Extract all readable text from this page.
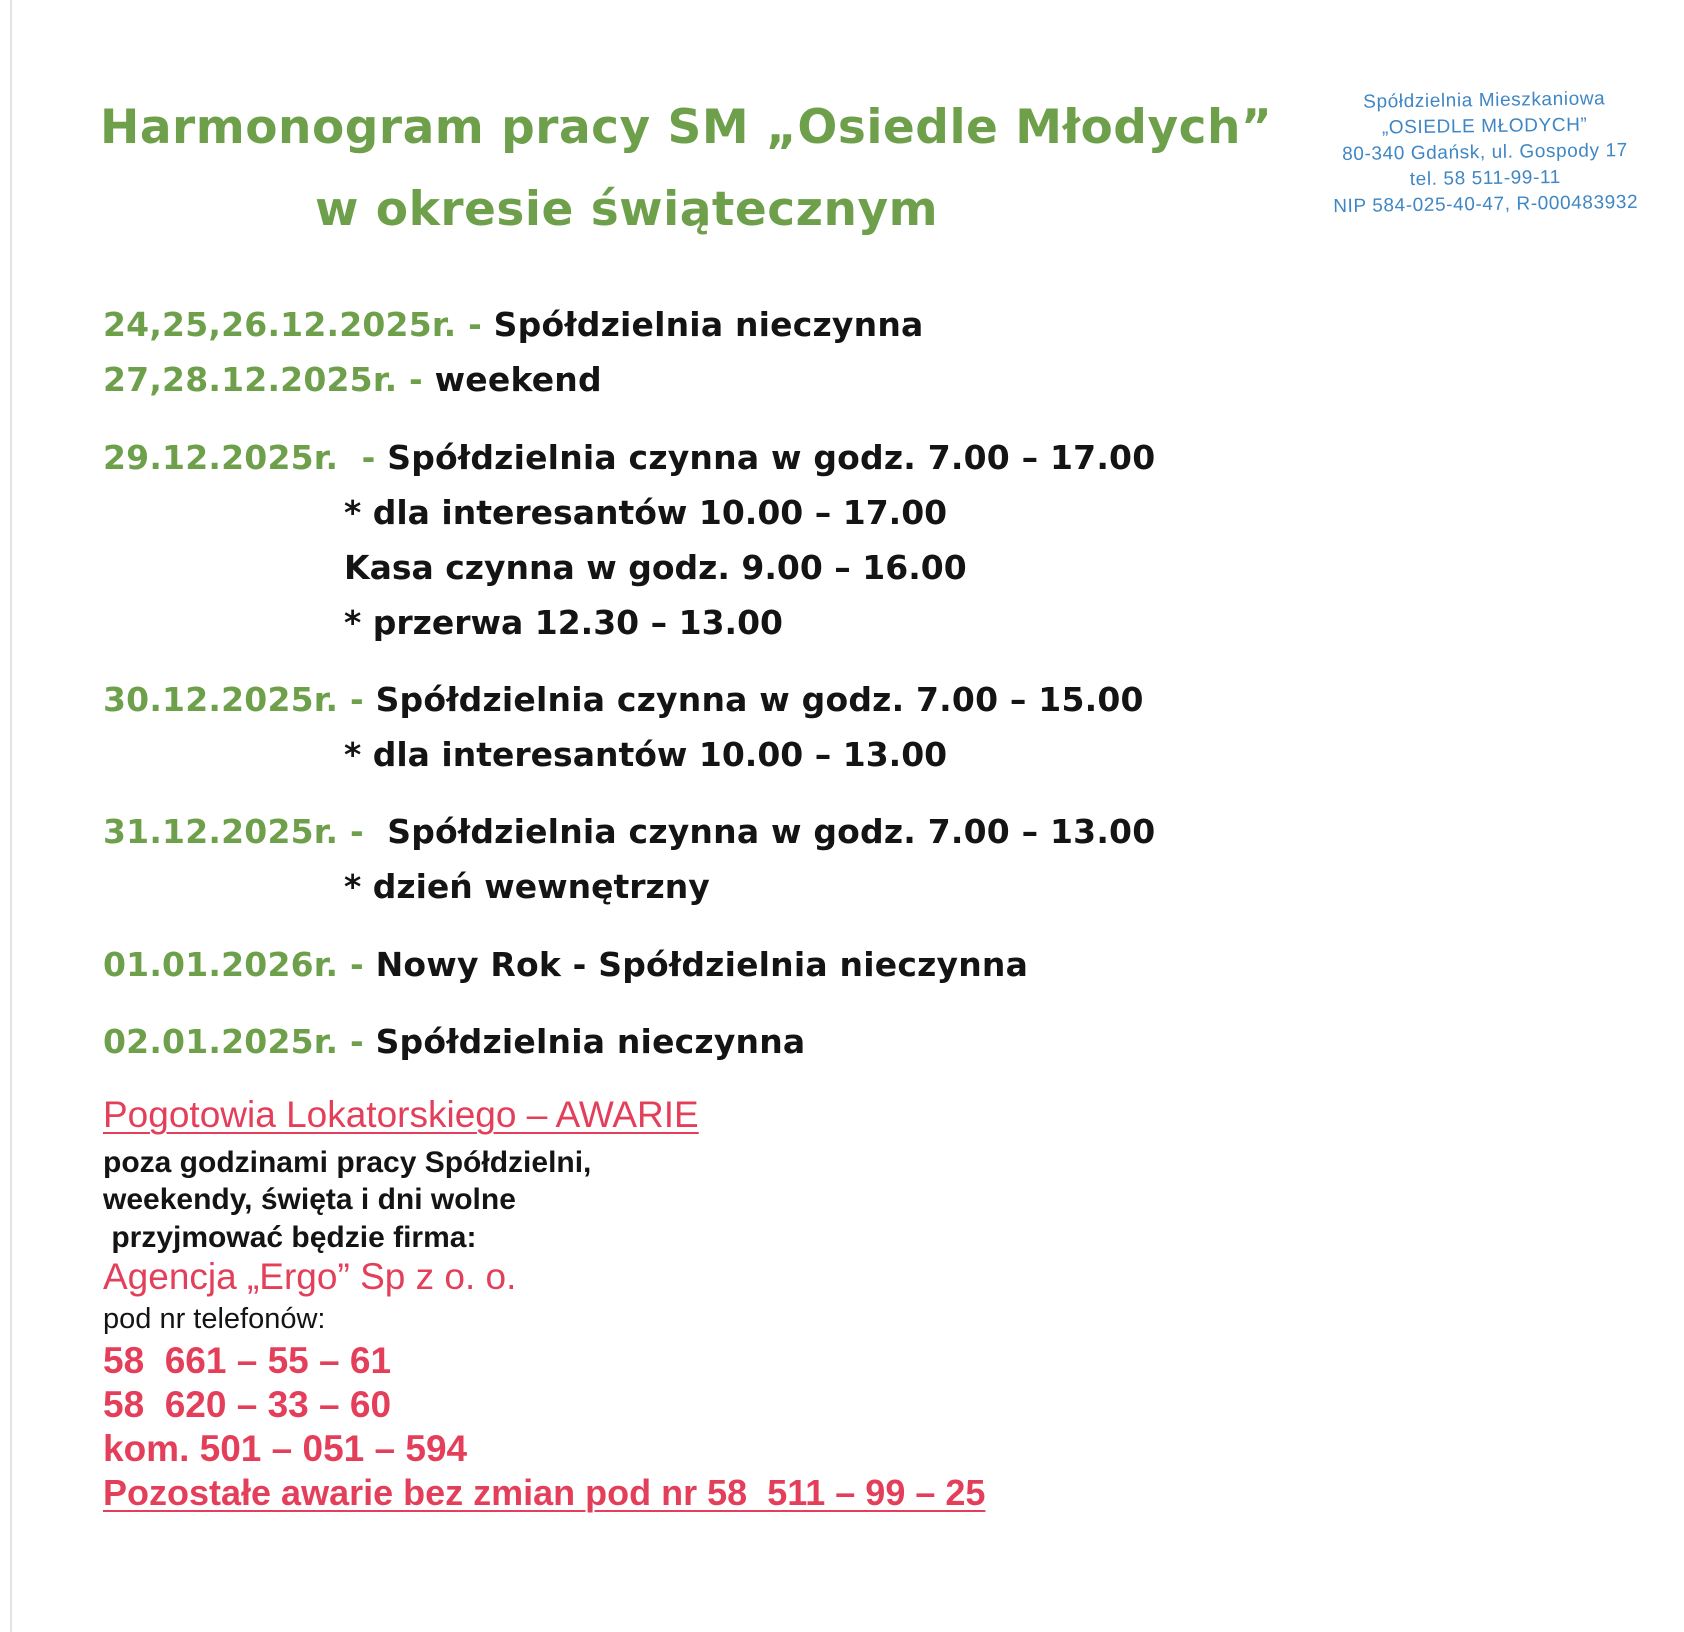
Harmonogram pracy SM „Osiedle Młodych”
w okresie świątecznym
Spółdzielnia Mieszkaniowa
„OSIEDLE MŁODYCH”
80-340 Gdańsk, ul. Gospody 17
tel. 58 511-99-11
NIP 584-025-40-47, R-000483932
24,25,26.12.2025r. - Spółdzielnia nieczynna
27,28.12.2025r. - weekend
29.12.2025r.  - Spółdzielnia czynna w godz. 7.00 – 17.00
* dla interesantów 10.00 – 17.00
Kasa czynna w godz. 9.00 – 16.00
* przerwa 12.30 – 13.00
30.12.2025r. - Spółdzielnia czynna w godz. 7.00 – 15.00
* dla interesantów 10.00 – 13.00
31.12.2025r. -  Spółdzielnia czynna w godz. 7.00 – 13.00
* dzień wewnętrzny
01.01.2026r. - Nowy Rok - Spółdzielnia nieczynna
02.01.2025r. - Spółdzielnia nieczynna
Pogotowia Lokatorskiego – AWARIE
poza godzinami pracy Spółdzielni,
weekendy, święta i dni wolne
przyjmować będzie firma:
Agencja „Ergo” Sp z o. o.
pod nr telefonów:
58  661 – 55 – 61
58  620 – 33 – 60
kom. 501 – 051 – 594
Pozostałe awarie bez zmian pod nr 58  511 – 99 – 25
